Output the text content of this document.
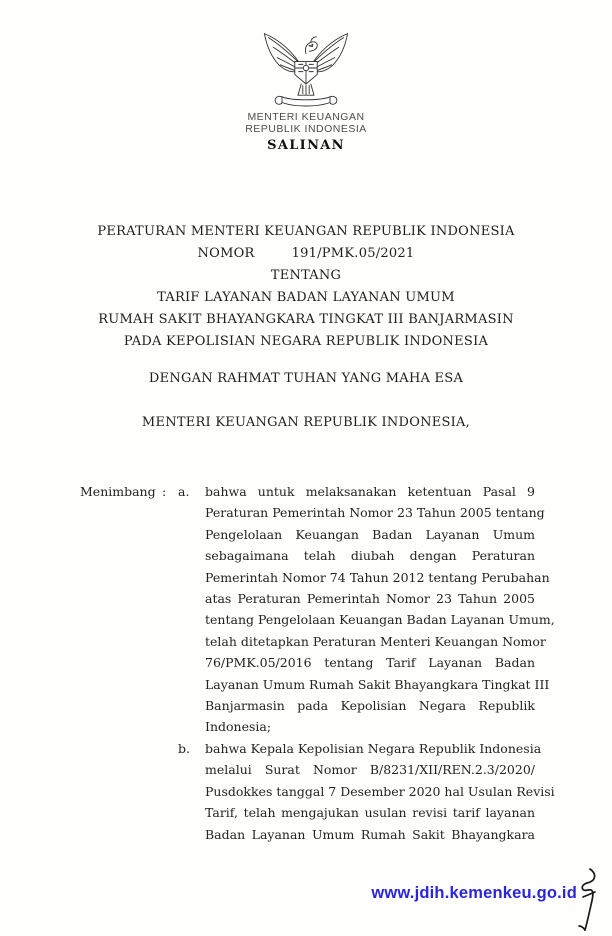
MENTERI KEUANGAN
REPUBLIK INDONESIA
SALINAN
PERATURAN MENTERI KEUANGAN REPUBLIK INDONESIA
NOMOR	191/PMK.05/2021
TENTANG
TARIF LAYANAN BADAN LAYANAN UMUM
RUMAH SAKIT BHAYANGKARA TINGKAT III BANJARMASIN
PADA KEPOLISIAN NEGARA REPUBLIK INDONESIA
DENGAN RAHMAT TUHAN YANG MAHA ESA
MENTERI KEUANGAN REPUBLIK INDONESIA,
Menimbang : a.	bahwa untuk melaksanakan ketentuan Pasal 9
Peraturan Pemerintah Nomor 23 Tahun 2005 tentang
Pengelolaan Keuangan Badan Layanan Umum
sebagaimana telah diubah dengan Peraturan
Pemerintah Nomor 74 Tahun 2012 tentang Perubahan
atas Peraturan Pemerintah Nomor 23 Tahun 2005
tentang Pengelolaan Keuangan Badan Layanan Umum,
telah ditetapkan Peraturan Menteri Keuangan Nomor
76/PMK.05/2016 tentang Tarif Layanan Badan
Layanan Umum Rumah Sakit Bhayangkara Tingkat III
Banjarmasin pada Kepolisian Negara Republik
Indonesia;
b.	bahwa Kepala Kepolisian Negara Republik Indonesia
melalui Surat Nomor B/8231/XII/REN.2.3/2020/
Pusdokkes tanggal 7 Desember 2020 hal Usulan Revisi
Tarif, telah mengajukan usulan revisi tarif layanan
Badan Layanan Umum Rumah Sakit Bhayangkara
www.jdih.kemenkeu.go.id
